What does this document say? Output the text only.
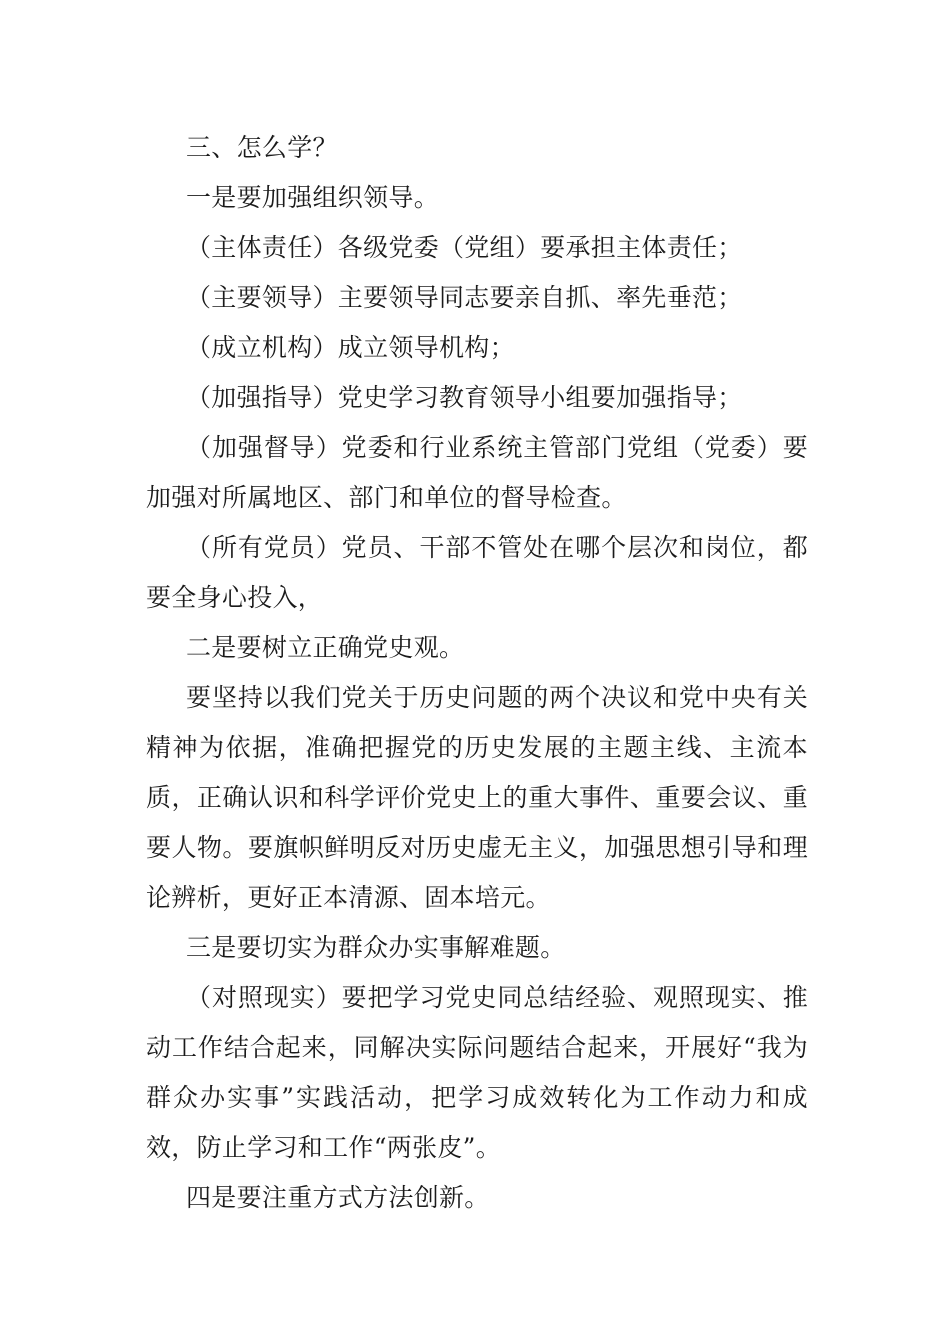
三、怎么学？

一是要加强组织领导。

（主体责任）各级党委（党组）要承担主体责任；

（主要领导）主要领导同志要亲自抓、率先垂范；

（成立机构）成立领导机构；

（加强指导）党史学习教育领导小组要加强指导；

（加强督导）党委和行业系统主管部门党组（党委）要加强对所属地区、部门和单位的督导检查。

（所有党员）党员、干部不管处在哪个层次和岗位，都要全身心投入，

二是要树立正确党史观。

要坚持以我们党关于历史问题的两个决议和党中央有关精神为依据，准确把握党的历史发展的主题主线、主流本质，正确认识和科学评价党史上的重大事件、重要会议、重要人物。要旗帜鲜明反对历史虚无主义，加强思想引导和理论辨析，更好正本清源、固本培元。

三是要切实为群众办实事解难题。

（对照现实）要把学习党史同总结经验、观照现实、推动工作结合起来，同解决实际问题结合起来，开展好“我为群众办实事”实践活动，把学习成效转化为工作动力和成效，防止学习和工作“两张皮”。

四是要注重方式方法创新。
